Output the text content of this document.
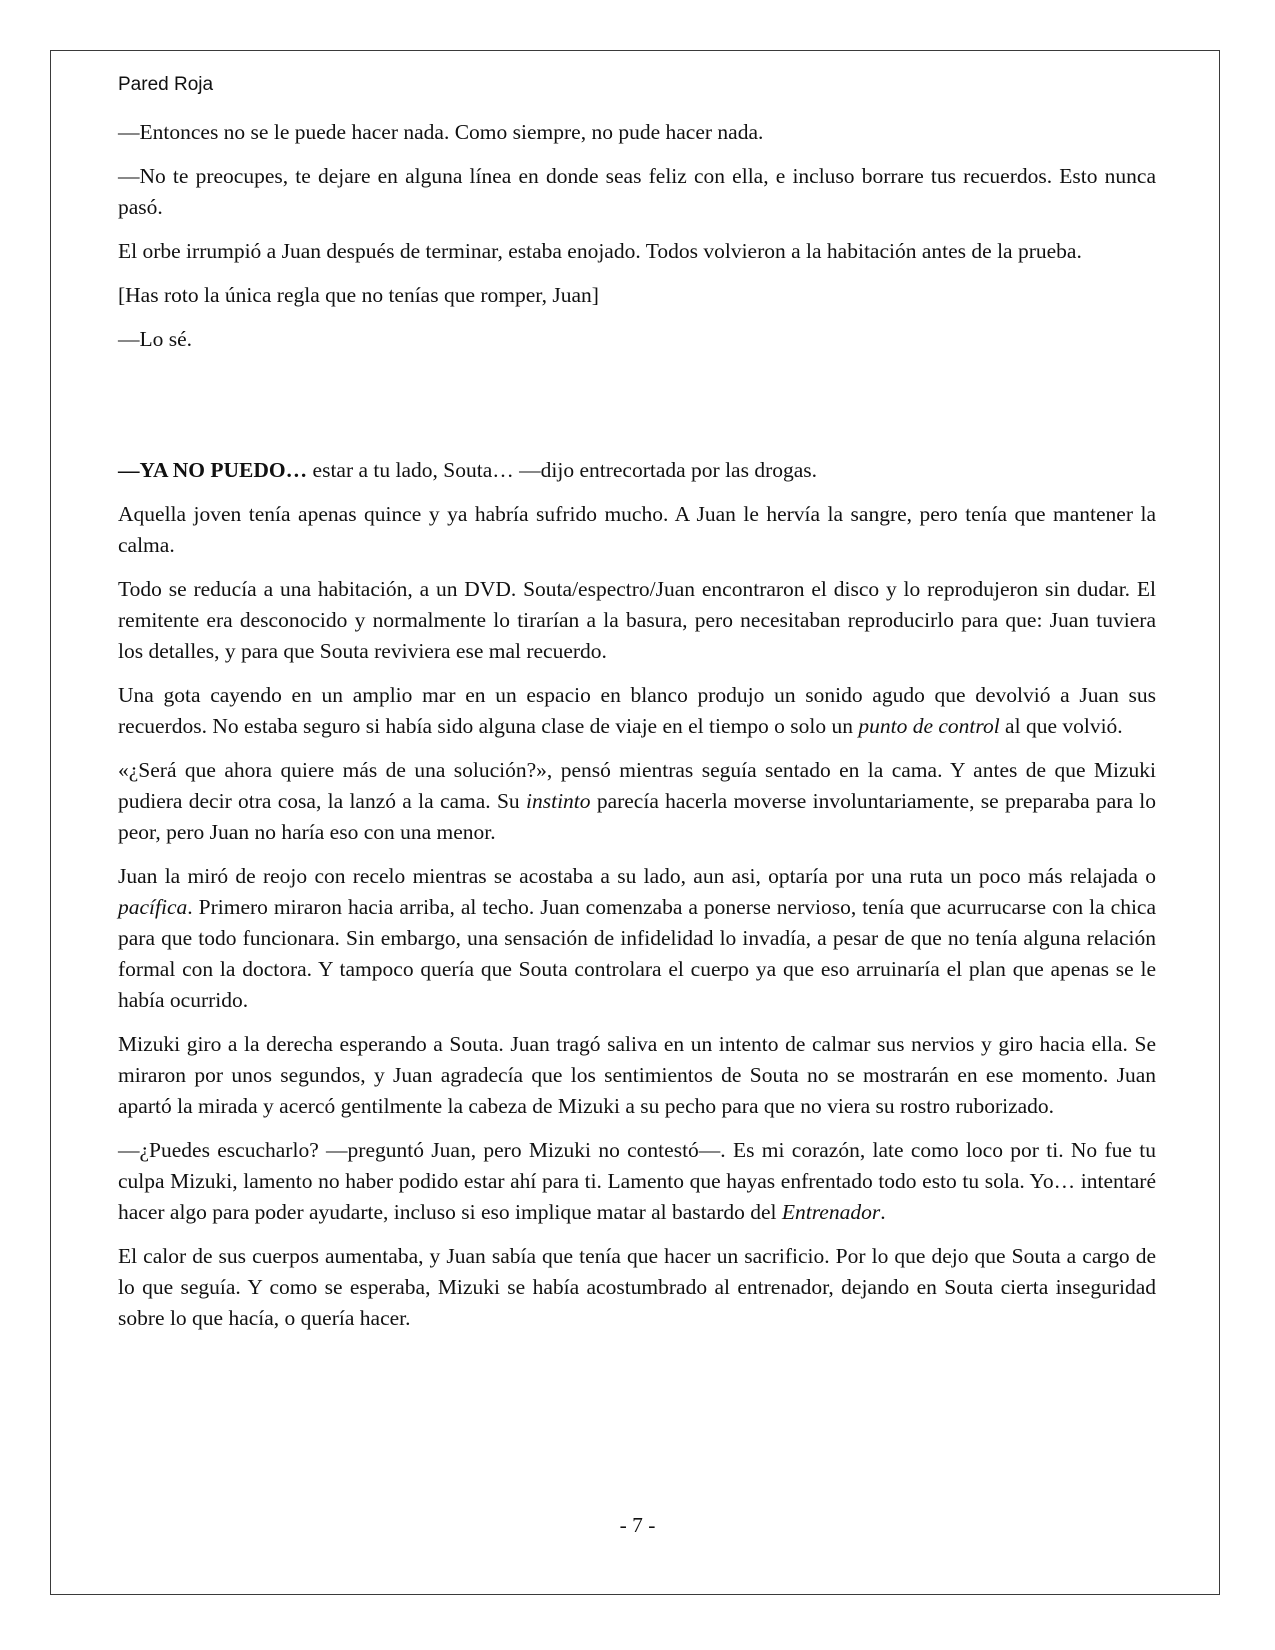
Pared Roja

—Entonces no se le puede hacer nada. Como siempre, no pude hacer nada.

—No te preocupes, te dejare en alguna línea en donde seas feliz con ella, e incluso borrare tus recuerdos. Esto nunca pasó.

El orbe irrumpió a Juan después de terminar, estaba enojado. Todos volvieron a la habitación antes de la prueba.

[Has roto la única regla que no tenías que romper, Juan]

—Lo sé.

—YA NO PUEDO… estar a tu lado, Souta… —dijo entrecortada por las drogas.

Aquella joven tenía apenas quince y ya habría sufrido mucho. A Juan le hervía la sangre, pero tenía que mantener la calma.

Todo se reducía a una habitación, a un DVD. Souta/espectro/Juan encontraron el disco y lo reprodujeron sin dudar. El remitente era desconocido y normalmente lo tirarían a la basura, pero necesitaban reproducirlo para que: Juan tuviera los detalles, y para que Souta reviviera ese mal recuerdo.

Una gota cayendo en un amplio mar en un espacio en blanco produjo un sonido agudo que devolvió a Juan sus recuerdos. No estaba seguro si había sido alguna clase de viaje en el tiempo o solo un punto de control al que volvió.

«¿Será que ahora quiere más de una solución?», pensó mientras seguía sentado en la cama. Y antes de que Mizuki pudiera decir otra cosa, la lanzó a la cama. Su instinto parecía hacerla moverse involuntariamente, se preparaba para lo peor, pero Juan no haría eso con una menor.

Juan la miró de reojo con recelo mientras se acostaba a su lado, aun asi, optaría por una ruta un poco más relajada o pacífica. Primero miraron hacia arriba, al techo. Juan comenzaba a ponerse nervioso, tenía que acurrucarse con la chica para que todo funcionara. Sin embargo, una sensación de infidelidad lo invadía, a pesar de que no tenía alguna relación formal con la doctora. Y tampoco quería que Souta controlara el cuerpo ya que eso arruinaría el plan que apenas se le había ocurrido.

Mizuki giro a la derecha esperando a Souta. Juan tragó saliva en un intento de calmar sus nervios y giro hacia ella. Se miraron por unos segundos, y Juan agradecía que los sentimientos de Souta no se mostrarán en ese momento. Juan apartó la mirada y acercó gentilmente la cabeza de Mizuki a su pecho para que no viera su rostro ruborizado.

—¿Puedes escucharlo? —preguntó Juan, pero Mizuki no contestó—. Es mi corazón, late como loco por ti. No fue tu culpa Mizuki, lamento no haber podido estar ahí para ti. Lamento que hayas enfrentado todo esto tu sola. Yo… intentaré hacer algo para poder ayudarte, incluso si eso implique matar al bastardo del Entrenador.

El calor de sus cuerpos aumentaba, y Juan sabía que tenía que hacer un sacrificio. Por lo que dejo que Souta a cargo de lo que seguía. Y como se esperaba, Mizuki se había acostumbrado al entrenador, dejando en Souta cierta inseguridad sobre lo que hacía, o quería hacer.

- 7 -
